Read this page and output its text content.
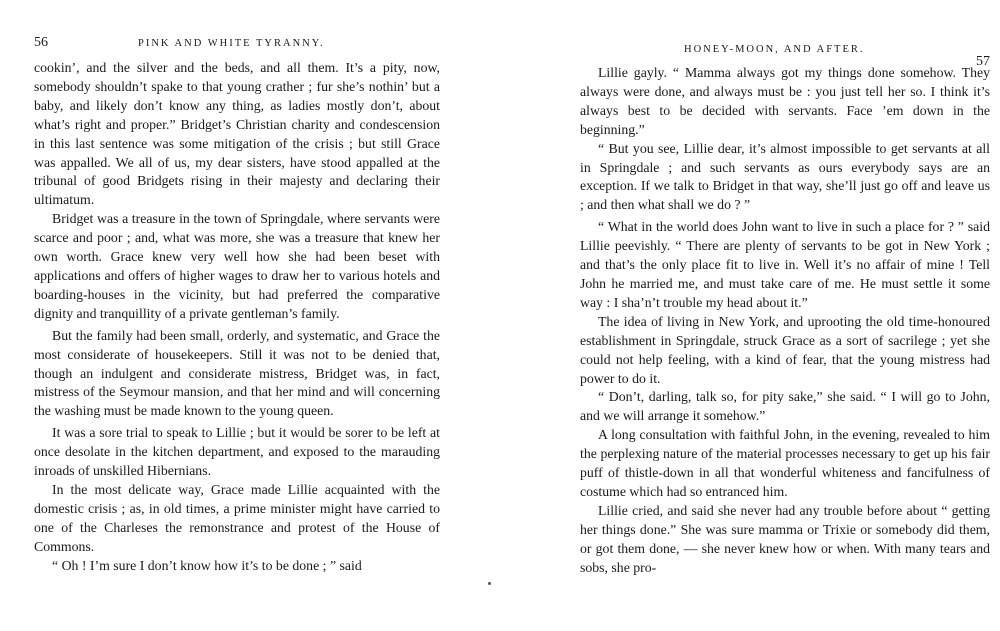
56	PINK AND WHITE TYRANNY.

cookin’, and the silver and the beds, and all them. It’s a pity, now, somebody shouldn’t spake to that young crather ; fur she’s nothin’ but a baby, and likely don’t know any thing, as ladies mostly don’t, about what’s right and proper.” Bridget’s Christian charity and condescension in this last sentence was some mitigation of the crisis ; but still Grace was appalled. We all of us, my dear sisters, have stood appalled at the tribunal of good Bridgets rising in their majesty and declaring their ultimatum.

Bridget was a treasure in the town of Springdale, where servants were scarce and poor ; and, what was more, she was a treasure that knew her own worth. Grace knew very well how she had been beset with applications and offers of higher wages to draw her to various hotels and boarding-houses in the vicinity, but had preferred the comparative dignity and tranquillity of a private gentleman’s family.

But the family had been small, orderly, and systematic, and Grace the most considerate of housekeepers. Still it was not to be denied that, though an indulgent and considerate mistress, Bridget was, in fact, mistress of the Seymour mansion, and that her mind and will concerning the washing must be made known to the young queen.

It was a sore trial to speak to Lillie ; but it would be sorer to be left at once desolate in the kitchen department, and exposed to the marauding inroads of unskilled Hibernians.

In the most delicate way, Grace made Lillie acquainted with the domestic crisis ; as, in old times, a prime minister might have carried to one of the Charleses the remonstrance and protest of the House of Commons.

“ Oh ! I’m sure I don’t know how it’s to be done ; ” said

HONEY-MOON, AND AFTER.
57

Lillie gayly. “ Mamma always got my things done somehow. They always were done, and always must be : you just tell her so. I think it’s always best to be decided with servants. Face ’em down in the beginning.”

“ But you see, Lillie dear, it’s almost impossible to get servants at all in Springdale ; and such servants as ours everybody says are an exception. If we talk to Bridget in that way, she’ll just go off and leave us ; and then what shall we do ? ”

“ What in the world does John want to live in such a place for ? ” said Lillie peevishly. “ There are plenty of servants to be got in New York ; and that’s the only place fit to live in. Well it’s no affair of mine ! Tell John he married me, and must take care of me. He must settle it some way : I sha’n’t trouble my head about it.”

The idea of living in New York, and uprooting the old time-honoured establishment in Springdale, struck Grace as a sort of sacrilege ; yet she could not help feeling, with a kind of fear, that the young mistress had power to do it.

“ Don’t, darling, talk so, for pity sake,” she said. “ I will go to John, and we will arrange it somehow.”

A long consultation with faithful John, in the evening, revealed to him the perplexing nature of the material processes necessary to get up his fair puff of thistle-down in all that wonderful whiteness and fancifulness of costume which had so entranced him.

Lillie cried, and said she never had any trouble before about “ getting her things done.” She was sure mamma or Trixie or somebody did them, or got them done, — she never knew how or when. With many tears and sobs, she pro-
